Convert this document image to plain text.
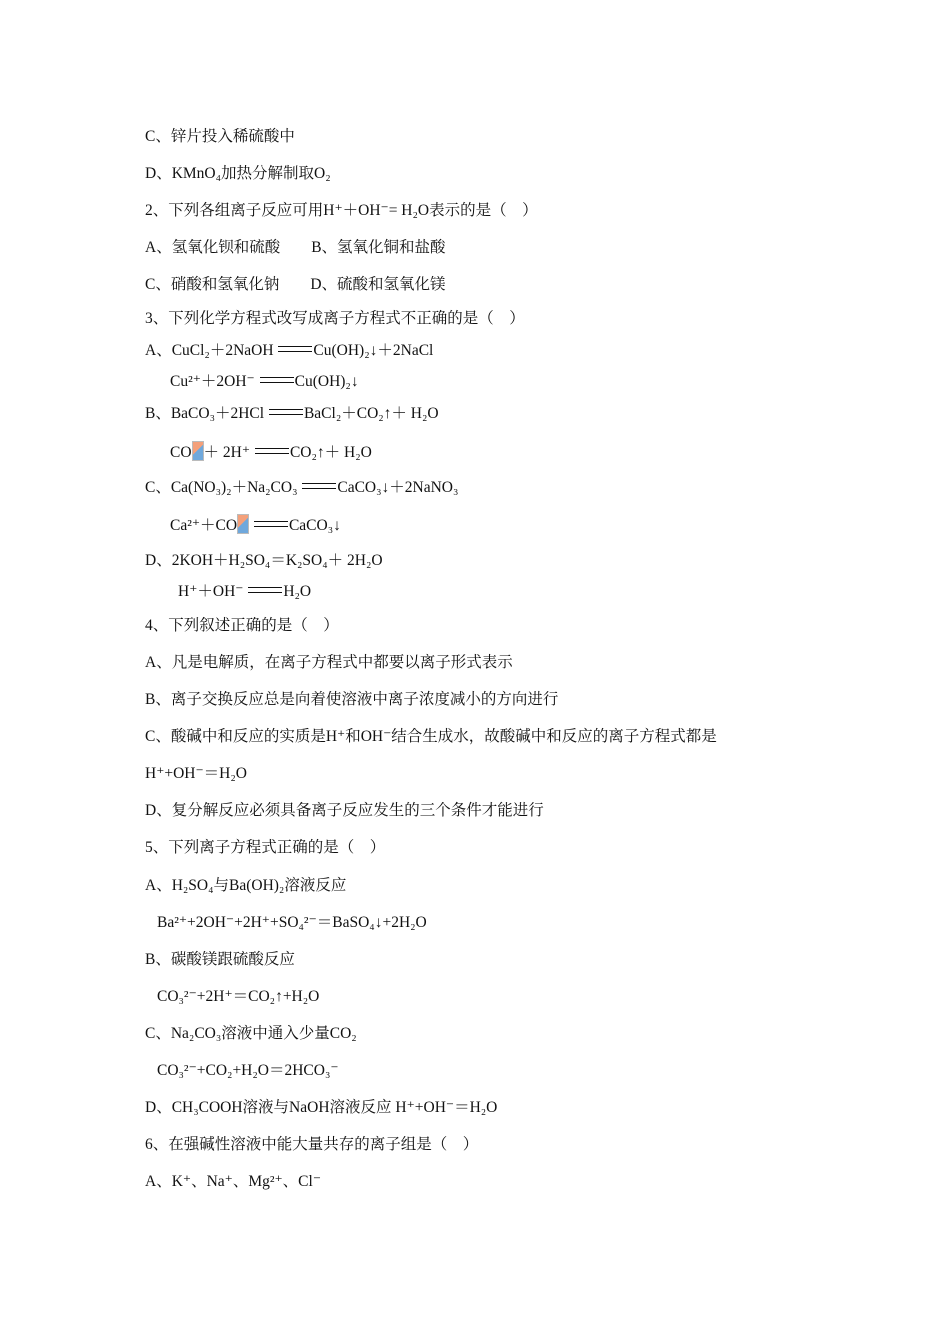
C、锌片投入稀硫酸中
D、KMnO₄加热分解制取O₂
2、下列各组离子反应可用H⁺＋OH⁻= H₂O表示的是（　）
A、氢氧化钡和硫酸　　B、氢氧化铜和盐酸
C、硝酸和氢氧化钠　　D、硫酸和氢氧化镁
3、下列化学方程式改写成离子方程式不正确的是（　）
A、CuCl₂＋2NaOH Cu(OH)₂↓＋2NaCl
Cu²⁺＋2OH⁻ Cu(OH)₂↓
B、BaCO₃＋2HCl BaCl₂＋CO₂↑＋ H₂O
CO ＋ 2H⁺ CO₂↑＋ H₂O
C、Ca(NO₃)₂＋Na₂CO₃ CaCO₃↓＋2NaNO₃
Ca²⁺＋CO	CaCO₃↓
D、2KOH＋H₂SO₄＝K₂SO₄＋ 2H₂O
H⁺＋OH⁻ H₂O
4、下列叙述正确的是（　）
A、凡是电解质，在离子方程式中都要以离子形式表示
B、离子交换反应总是向着使溶液中离子浓度减小的方向进行
C、酸碱中和反应的实质是H⁺和OH⁻结合生成水，故酸碱中和反应的离子方程式都是
H⁺+OH⁻＝H₂O
D、复分解反应必须具备离子反应发生的三个条件才能进行
5、下列离子方程式正确的是（　）
A、H₂SO₄与Ba(OH)₂溶液反应
Ba²⁺+2OH⁻+2H⁺+SO₄²⁻＝BaSO₄↓+2H₂O
B、碳酸镁跟硫酸反应
CO₃²⁻+2H⁺＝CO₂↑+H₂O
C、Na₂CO₃溶液中通入少量CO₂
CO₃²⁻+CO₂+H₂O＝2HCO₃⁻
D、CH₃COOH溶液与NaOH溶液反应 H⁺+OH⁻＝H₂O
6、在强碱性溶液中能大量共存的离子组是（　）
A、K⁺、Na⁺、Mg²⁺、Cl⁻
